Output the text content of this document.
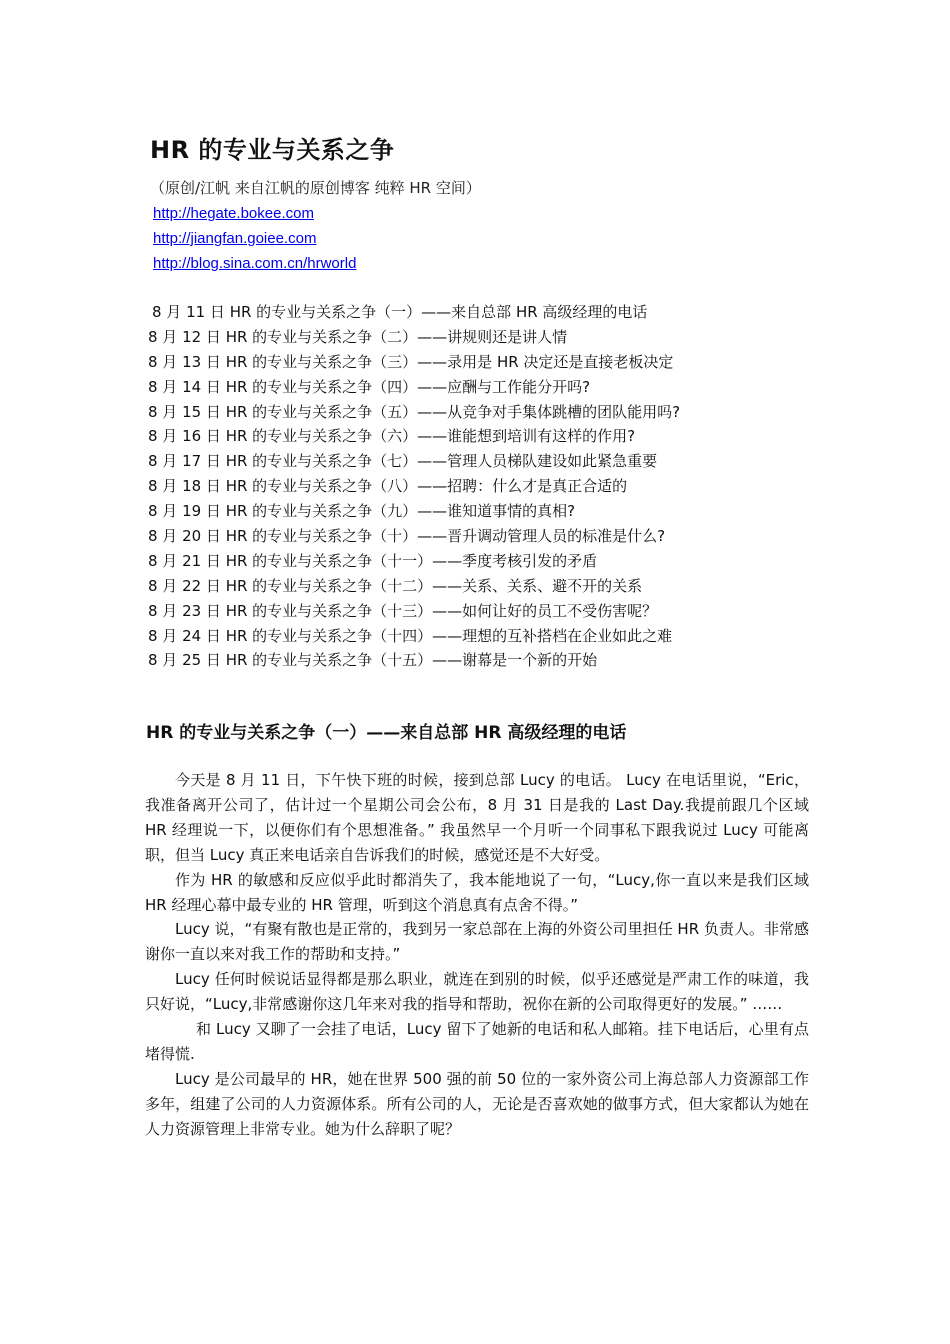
HR 的专业与关系之争
（原创/江帆 来自江帆的原创博客 纯粹 HR 空间）
http://hegate.bokee.com
http://jiangfan.goiee.com
http://blog.sina.com.cn/hrworld
8 月 11 日 HR 的专业与关系之争（一）——来自总部 HR 高级经理的电话
8 月 12 日 HR 的专业与关系之争（二）——讲规则还是讲人情
8 月 13 日 HR 的专业与关系之争（三）——录用是 HR 决定还是直接老板决定
8 月 14 日 HR 的专业与关系之争（四）——应酬与工作能分开吗?
8 月 15 日 HR 的专业与关系之争（五）——从竞争对手集体跳槽的团队能用吗?
8 月 16 日 HR 的专业与关系之争（六）——谁能想到培训有这样的作用?
8 月 17 日 HR 的专业与关系之争（七）——管理人员梯队建设如此紧急重要
8 月 18 日 HR 的专业与关系之争（八）——招聘：什么才是真正合适的
8 月 19 日 HR 的专业与关系之争（九）——谁知道事情的真相?
8 月 20 日 HR 的专业与关系之争（十）——晋升调动管理人员的标准是什么?
8 月 21 日 HR 的专业与关系之争（十一）——季度考核引发的矛盾
8 月 22 日 HR 的专业与关系之争（十二）——关系、关系、避不开的关系
8 月 23 日 HR 的专业与关系之争（十三）——如何让好的员工不受伤害呢？
8 月 24 日 HR 的专业与关系之争（十四）——理想的互补搭档在企业如此之难
8 月 25 日 HR 的专业与关系之争（十五）——谢幕是一个新的开始
HR 的专业与关系之争（一）——来自总部 HR 高级经理的电话

今天是 8 月 11 日，下午快下班的时候，接到总部 Lucy 的电话。 Lucy 在电话里说，“Eric，我准备离开公司了，估计过一个星期公司会公布，8 月 31 日是我的 Last Day.我提前跟几个区域 HR 经理说一下，以便你们有个思想准备。” 我虽然早一个月听一个同事私下跟我说过 Lucy 可能离职，但当 Lucy 真正来电话亲自告诉我们的时候，感觉还是不大好受。

作为 HR 的敏感和反应似乎此时都消失了，我本能地说了一句，“Lucy,你一直以来是我们区域 HR 经理心幕中最专业的 HR 管理，听到这个消息真有点舍不得。”

Lucy 说，“有聚有散也是正常的，我到另一家总部在上海的外资公司里担任 HR 负责人。非常感谢你一直以来对我工作的帮助和支持。”

Lucy 任何时候说话显得都是那么职业，就连在到别的时候，似乎还感觉是严肃工作的味道，我只好说，“Lucy,非常感谢你这几年来对我的指导和帮助，祝你在新的公司取得更好的发展。” ……

和 Lucy 又聊了一会挂了电话，Lucy 留下了她新的电话和私人邮箱。挂下电话后，心里有点堵得慌.

Lucy 是公司最早的 HR，她在世界 500 强的前 50 位的一家外资公司上海总部人力资源部工作多年，组建了公司的人力资源体系。所有公司的人，无论是否喜欢她的做事方式，但大家都认为她在人力资源管理上非常专业。她为什么辞职了呢？
